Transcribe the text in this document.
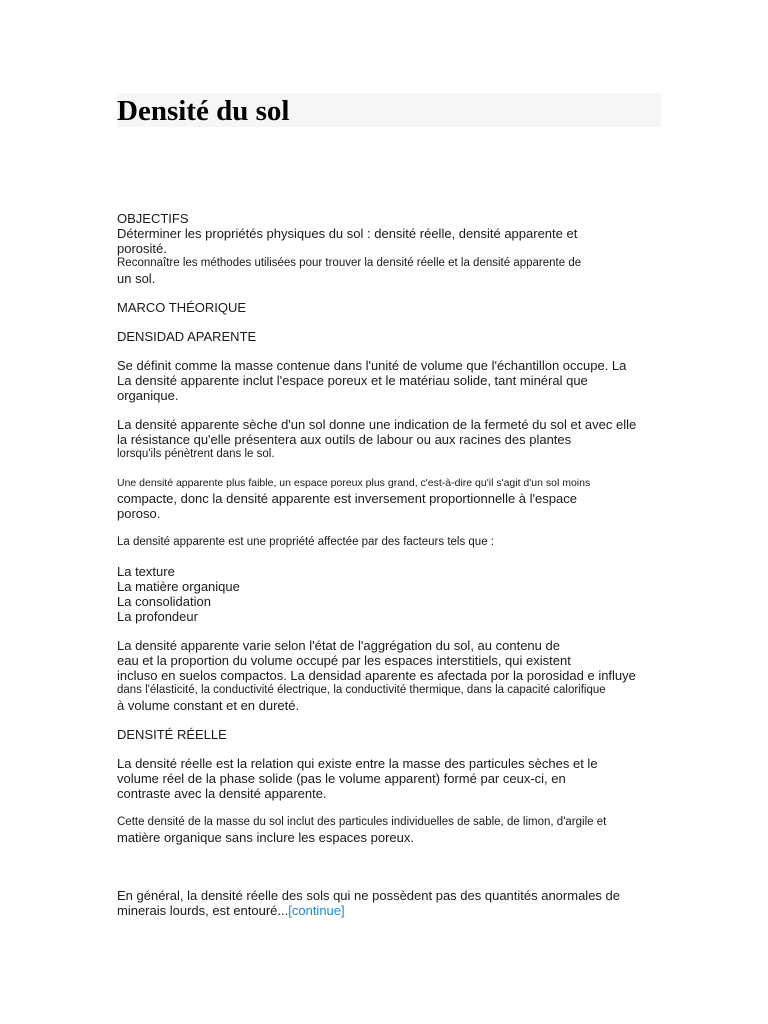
Densité du sol
OBJECTIFS
Déterminer les propriétés physiques du sol : densité réelle, densité apparente et
porosité.
Reconnaître les méthodes utilisées pour trouver la densité réelle et la densité apparente de
un sol.
MARCO THÉORIQUE
DENSIDAD APARENTE
Se définit comme la masse contenue dans l'unité de volume que l'échantillon occupe. La
La densité apparente inclut l'espace poreux et le matériau solide, tant minéral que
organique.
La densité apparente sèche d'un sol donne une indication de la fermeté du sol et avec elle
la résistance qu'elle présentera aux outils de labour ou aux racines des plantes
lorsqu'ils pénètrent dans le sol.
Une densité apparente plus faible, un espace poreux plus grand, c'est-à-dire qu'il s'agit d'un sol moins
compacte, donc la densité apparente est inversement proportionnelle à l'espace
poroso.
La densité apparente est une propriété affectée par des facteurs tels que :
La texture
La matière organique
La consolidation
La profondeur
La densité apparente varie selon l'état de l'aggrégation du sol, au contenu de
eau et la proportion du volume occupé par les espaces interstitiels, qui existent
incluso en suelos compactos. La densidad aparente es afectada por la porosidad e influye
dans l'élasticité, la conductivité électrique, la conductivité thermique, dans la capacité calorifique
à volume constant et en dureté.
DENSITÉ RÉELLE
La densité réelle est la relation qui existe entre la masse des particules sèches et le
volume réel de la phase solide (pas le volume apparent) formé par ceux-ci, en
contraste avec la densité apparente.
Cette densité de la masse du sol inclut des particules individuelles de sable, de limon, d'argile et
matière organique sans inclure les espaces poreux.
En général, la densité réelle des sols qui ne possèdent pas des quantités anormales de
minerais lourds, est entouré...[continue]
